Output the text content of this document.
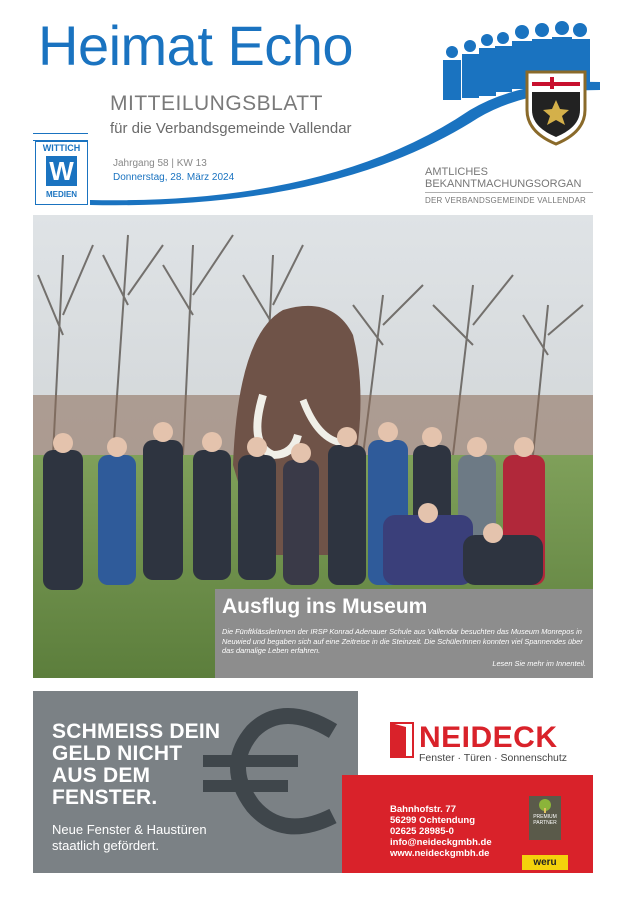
Heimat Echo
MITTEILUNGSBLATT
für die Verbandsgemeinde Vallendar
Jahrgang 58 | KW 13
Donnerstag, 28. März 2024	AMTLICHES
BEKANNTMACHUNGSORGAN
DER VERBANDSGEMEINDE VALLENDAR
WITTICH
W
MEDIEN
Ausflug ins Museum
Die FünftklässlerInnen der IRSP Konrad Adenauer Schule aus Vallendar besuchten das Museum Monrepos in Neuwied und begaben sich auf eine Zeitreise in die Steinzeit. Die SchülerInnen konnten viel Spannendes über das damalige Leben erfahren.
Lesen Sie mehr im Innenteil.
SCHMEISS DEIN
GELD NICHT
AUS DEM
FENSTER.
Neue Fenster & Haustüren
staatlich gefördert.
NEIDECK
Fenster · Türen · Sonnenschutz
Bahnhofstr. 77
56299 Ochtendung
02625 28985-0
info@neideckgmbh.de
www.neideckgmbh.de
PREMIUM
PARTNER
weru
